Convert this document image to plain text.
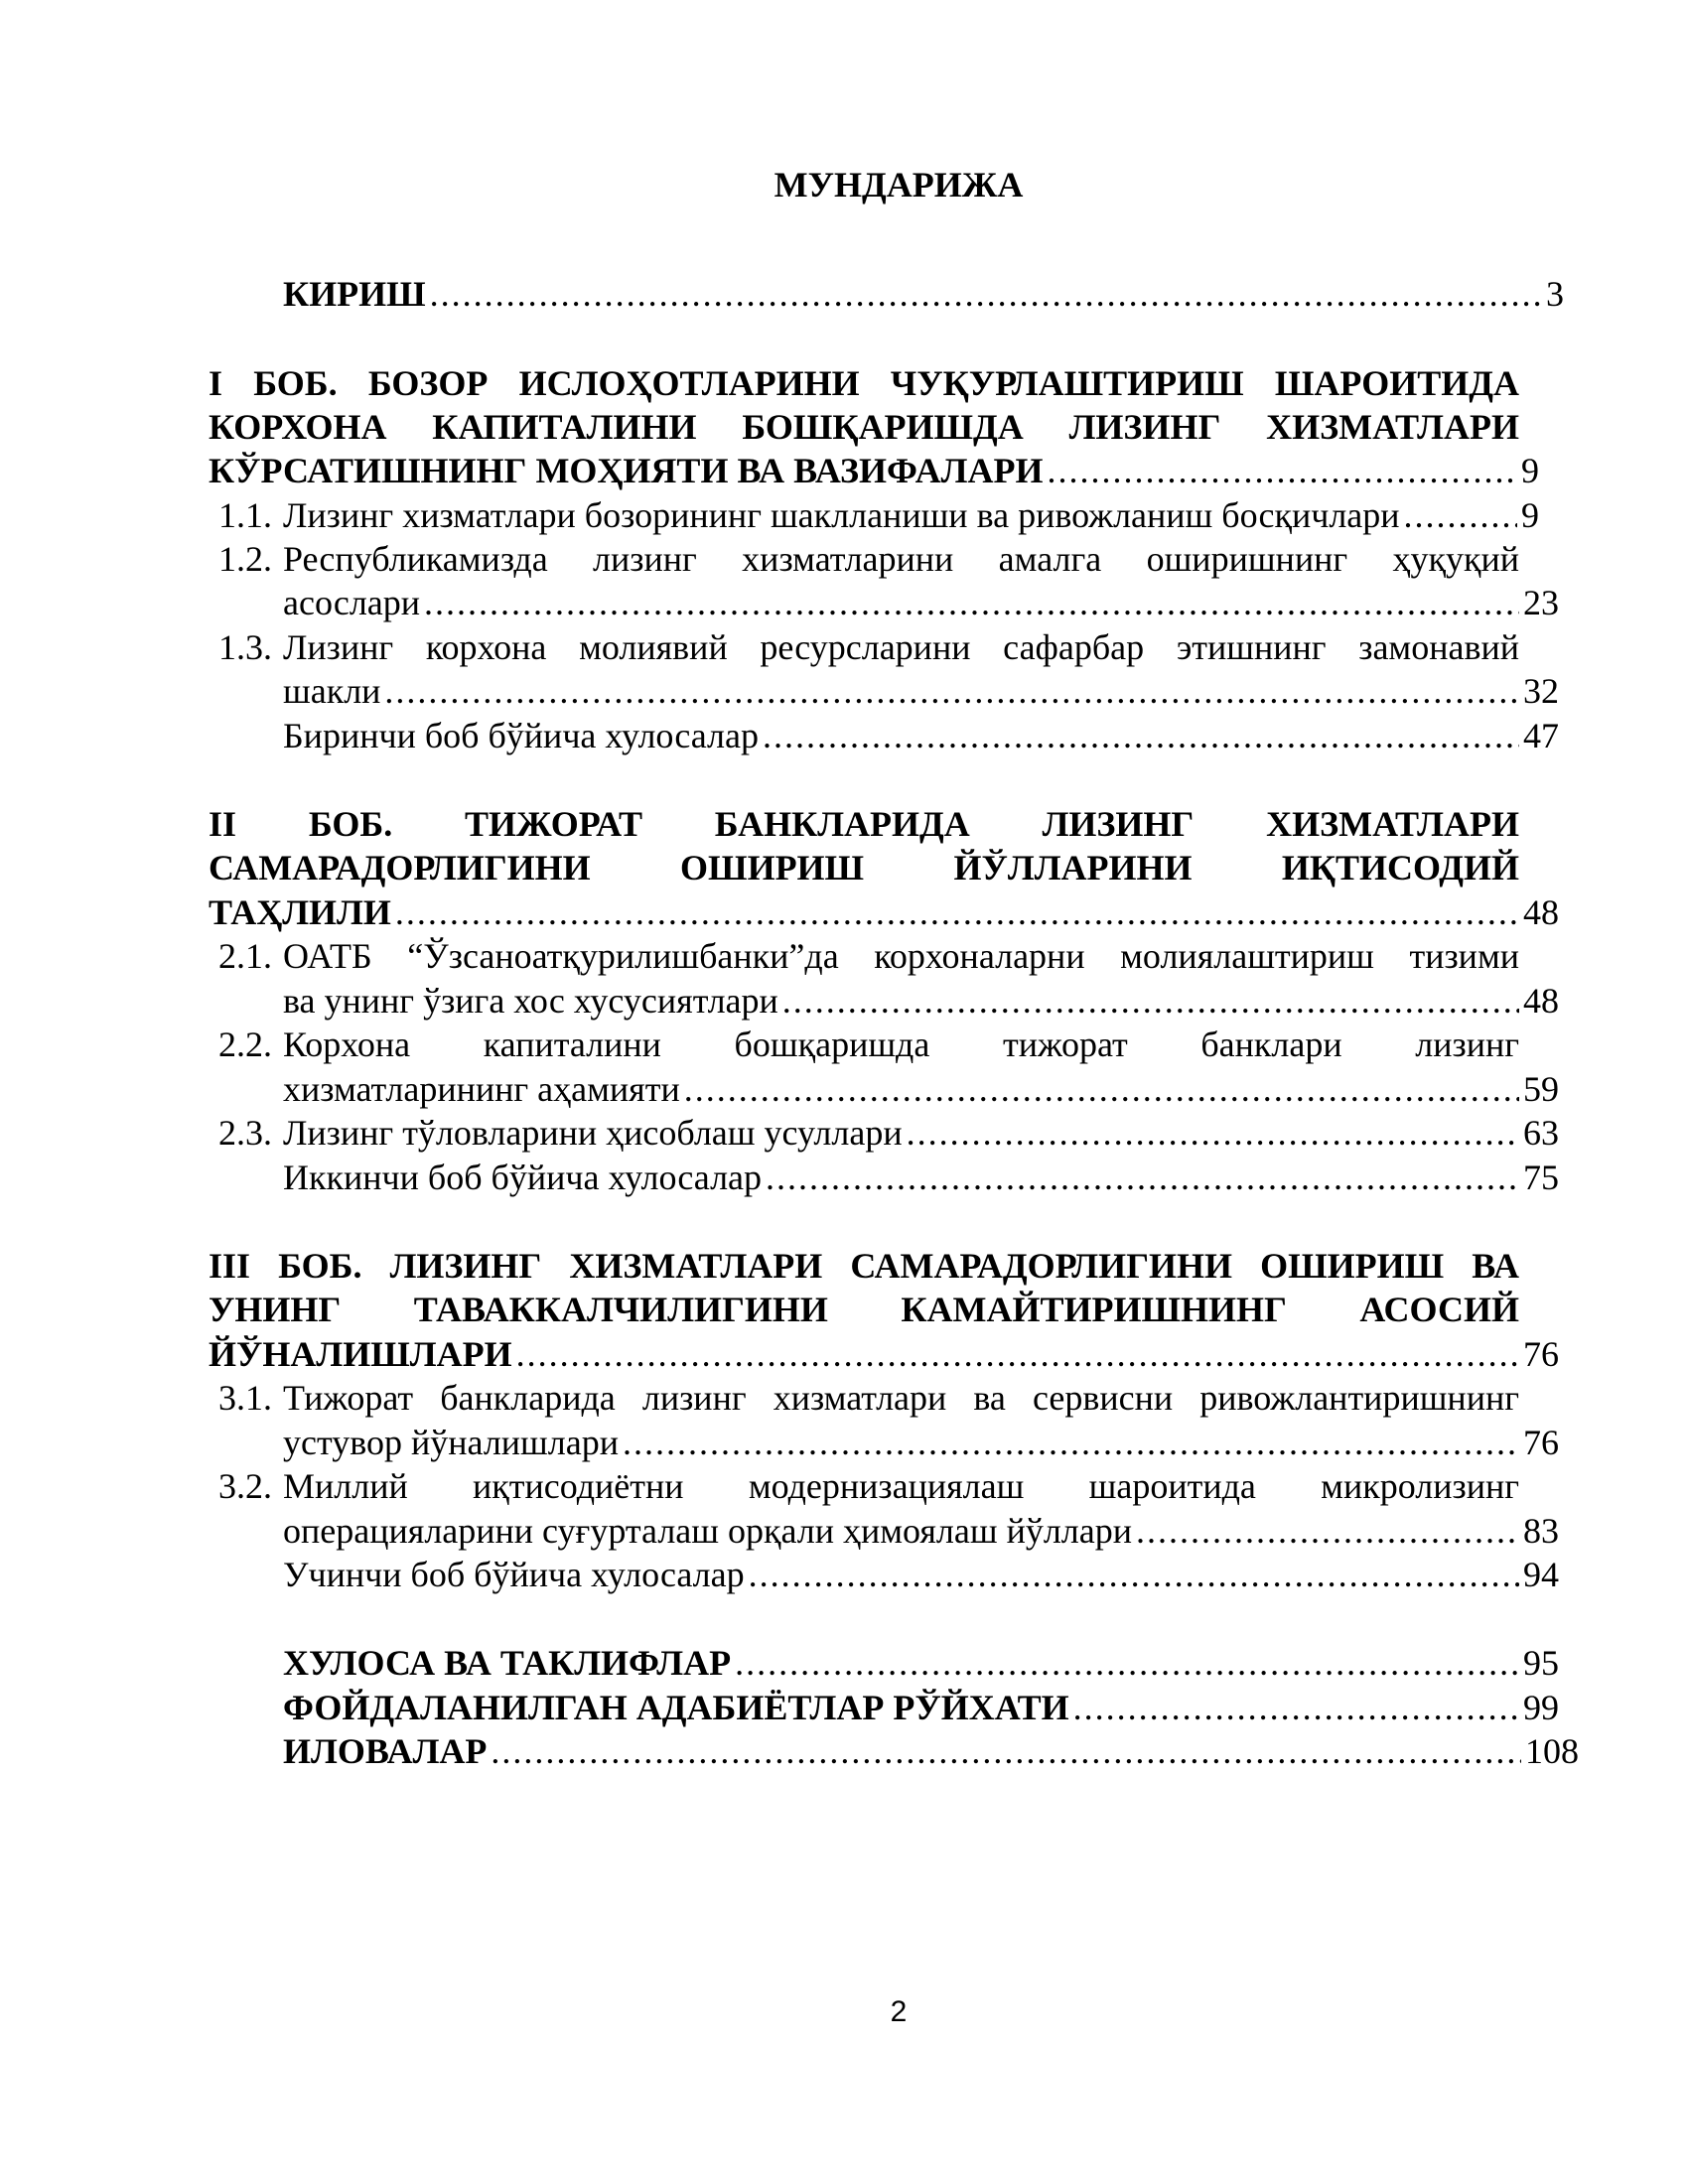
МУНДАРИЖА
КИРИШ .....	3
I БОБ. БОЗОР ИСЛОҲОТЛАРИНИ ЧУҚУРЛАШТИРИШ ШАРОИТИДА
КОРХОНА КАПИТАЛИНИ БОШҚАРИШДА ЛИЗИНГ ХИЗМАТЛАРИ
КЎРСАТИШНИНГ МОҲИЯТИ ВА ВАЗИФАЛАРИ .....	9
1.1. Лизинг хизматлари бозорининг шаклланиши ва ривожланиш босқичлари .....	9
1.2. Республикамизда лизинг хизматларини амалга оширишнинг ҳуқуқий
асослари .....	23
1.3. Лизинг корхона молиявий ресурсларини сафарбар этишнинг замонавий
шакли .....	32
Биринчи боб бўйича хулосалар .....	47
II БОБ. ТИЖОРАТ БАНКЛАРИДА ЛИЗИНГ ХИЗМАТЛАРИ
САМАРАДОРЛИГИНИ ОШИРИШ ЙЎЛЛАРИНИ ИҚТИСОДИЙ
ТАҲЛИЛИ .....	48
2.1. ОАТБ “Ўзсаноатқурилишбанки”да корхоналарни молиялаштириш тизими
ва унинг ўзига хос хусусиятлари .....	48
2.2. Корхона капиталини бошқаришда тижорат банклари лизинг
хизматларининг аҳамияти .....	59
2.3. Лизинг тўловларини ҳисоблаш усуллари .....	63
Иккинчи боб бўйича хулосалар .....	75
III БОБ. ЛИЗИНГ ХИЗМАТЛАРИ САМАРАДОРЛИГИНИ ОШИРИШ ВА
УНИНГ ТАВАККАЛЧИЛИГИНИ КАМАЙТИРИШНИНГ АСОСИЙ
ЙЎНАЛИШЛАРИ .....	76
3.1. Тижорат банкларида лизинг хизматлари ва сервисни ривожлантиришнинг
устувор йўналишлари .....	76
3.2. Миллий иқтисодиётни модернизациялаш шароитида микролизинг
операцияларини суғурталаш орқали ҳимоялаш йўллари .....	83
Учинчи боб бўйича хулосалар .....	94
ХУЛОСА ВА ТАКЛИФЛАР .....	95
ФОЙДАЛАНИЛГАН АДАБИЁТЛАР РЎЙХАТИ .....	99
ИЛОВАЛАР .....	108
2
